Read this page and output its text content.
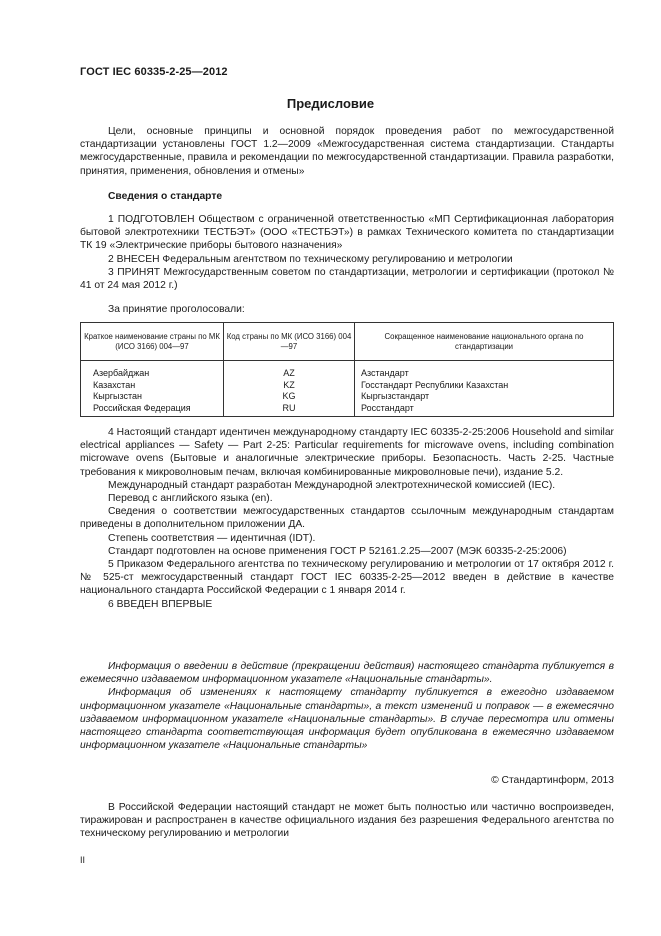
ГОСТ IEC 60335-2-25—2012
Предисловие
Цели, основные принципы и основной порядок проведения работ по межгосударственной стандартизации установлены ГОСТ 1.2—2009 «Межгосударственная система стандартизации. Стандарты межгосударственные, правила и рекомендации по межгосударственной стандартизации. Правила разработки, принятия, применения, обновления и отмены»
Сведения о стандарте
1 ПОДГОТОВЛЕН Обществом с ограниченной ответственностью «МП Сертификационная лаборатория бытовой электротехники ТЕСТБЭТ» (ООО «ТЕСТБЭТ») в рамках Технического комитета по стандартизации ТК 19 «Электрические приборы бытового назначения»
2 ВНЕСЕН Федеральным агентством по техническому регулированию и метрологии
3 ПРИНЯТ Межгосударственным советом по стандартизации, метрологии и сертификации (протокол № 41 от 24 мая 2012 г.)
За принятие проголосовали:
Краткое наименование страны по МК (ИСО 3166) 004—97	Код страны по МК (ИСО 3166) 004—97	Сокращенное наименование национального органа по стандартизации
Азербайджан	AZ	Азстандарт
Казахстан	KZ	Госстандарт Республики Казахстан
Кыргызстан	KG	Кыргызстандарт
Российская Федерация	RU	Росстандарт
4 Настоящий стандарт идентичен международному стандарту IEC 60335-2-25:2006 Household and similar electrical appliances — Safety — Part 2-25: Particular requirements for microwave ovens, including combination microwave ovens (Бытовые и аналогичные электрические приборы. Безопасность. Часть 2-25. Частные требования к микроволновым печам, включая комбинированные микроволновые печи), издание 5.2.
Международный стандарт разработан Международной электротехнической комиссией (IEC).
Перевод с английского языка (en).
Сведения о соответствии межгосударственных стандартов ссылочным международным стандартам приведены в дополнительном приложении ДА.
Степень соответствия — идентичная (IDT).
Стандарт подготовлен на основе применения ГОСТ Р 52161.2.25—2007 (МЭК 60335-2-25:2006)
5 Приказом Федерального агентства по техническому регулированию и метрологии от 17 октября 2012 г. № 525-ст межгосударственный стандарт ГОСТ IEC 60335-2-25—2012 введен в действие в качестве национального стандарта Российской Федерации с 1 января 2014 г.
6 ВВЕДЕН ВПЕРВЫЕ
Информация о введении в действие (прекращении действия) настоящего стандарта публикуется в ежемесячно издаваемом информационном указателе «Национальные стандарты».
Информация об изменениях к настоящему стандарту публикуется в ежегодно издаваемом информационном указателе «Национальные стандарты», а текст изменений и поправок — в ежемесячно издаваемом информационном указателе «Национальные стандарты». В случае пересмотра или отмены настоящего стандарта соответствующая информация будет опубликована в ежемесячно издаваемом информационном указателе «Национальные стандарты»
© Стандартинформ, 2013
В Российской Федерации настоящий стандарт не может быть полностью или частично воспроизведен, тиражирован и распространен в качестве официального издания без разрешения Федерального агентства по техническому регулированию и метрологии
II
